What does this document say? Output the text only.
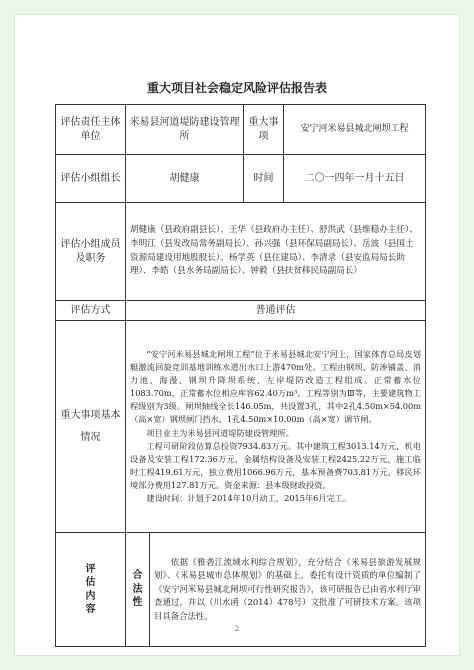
重大项目社会稳定风险评估报告表
评估责任主体单位	米易县河道堤防建设管理所		重大事项	安宁河米易县城北闸坝工程
评估小组组长	胡健康		时间	二〇一四年一月十五日
评估小组成员及职务	胡健康（县政府副县长）、王华（县政府办主任）、舒洪武（县维稳办主任）、李明江（县发改局常务副局长）、孙兴强（县环保局副局长）、岳波（县国土资源局建设用地股股长）、杨学英（县住建局）、李清录（县安监局局长助理）、李皓（县水务局副局长）、钟毅（县扶贫移民局副局长）			
评估方式	普通评估			
重大事项基本情况	“安宁河米易县城北闸坝工程”位于米易县城北安宁河上，国家体育总局皮划艇激流回旋竞训基地训练水道出水口上游470m处。工程由钢坝、防渗铺盖、消力池、海漫、钢坝升降坝系统、左岸堤防改造工程组成。正常蓄水位1083.70m，正常蓄水位相应库容62.40万m³。工程等别为Ⅲ等，主要建筑物工程级别为3级。闸坝轴线全长146.05m，共设置3孔，其中2孔4.50m×54.00m（高×宽）钢坝闸门挡水，1孔4.50m×10.00m（高×宽）调节闸。

项目业主为米易县河道堤防建设管理所。

工程可研阶段估算总投资7934.83万元。其中建筑工程3013.14万元，机电设备及安装工程172.36万元，金属结构设备及安装工程2425.22万元，施工临时工程419.61万元，独立费用1066.96万元，基本预备费703.81万元，移民环境部分费用127.81万元。资金来源：县本级财政投资。

建设时间：计划于2014年10月动工，2015年6月完工。			

评估内容	合法性	依据《雅砻江流域水利综合规划》，充分结合《米易县旅游发展规划》、《米易县城市总体规划》的基础上，委托有设计资质的单位编制了《安宁河米易县城北闸坝可行性研究报告》，该可研报告已由省水利厅审查通过，并以（川水函（2014）478号）文批准了可研技术方案。该项目具备合法性。		

2
